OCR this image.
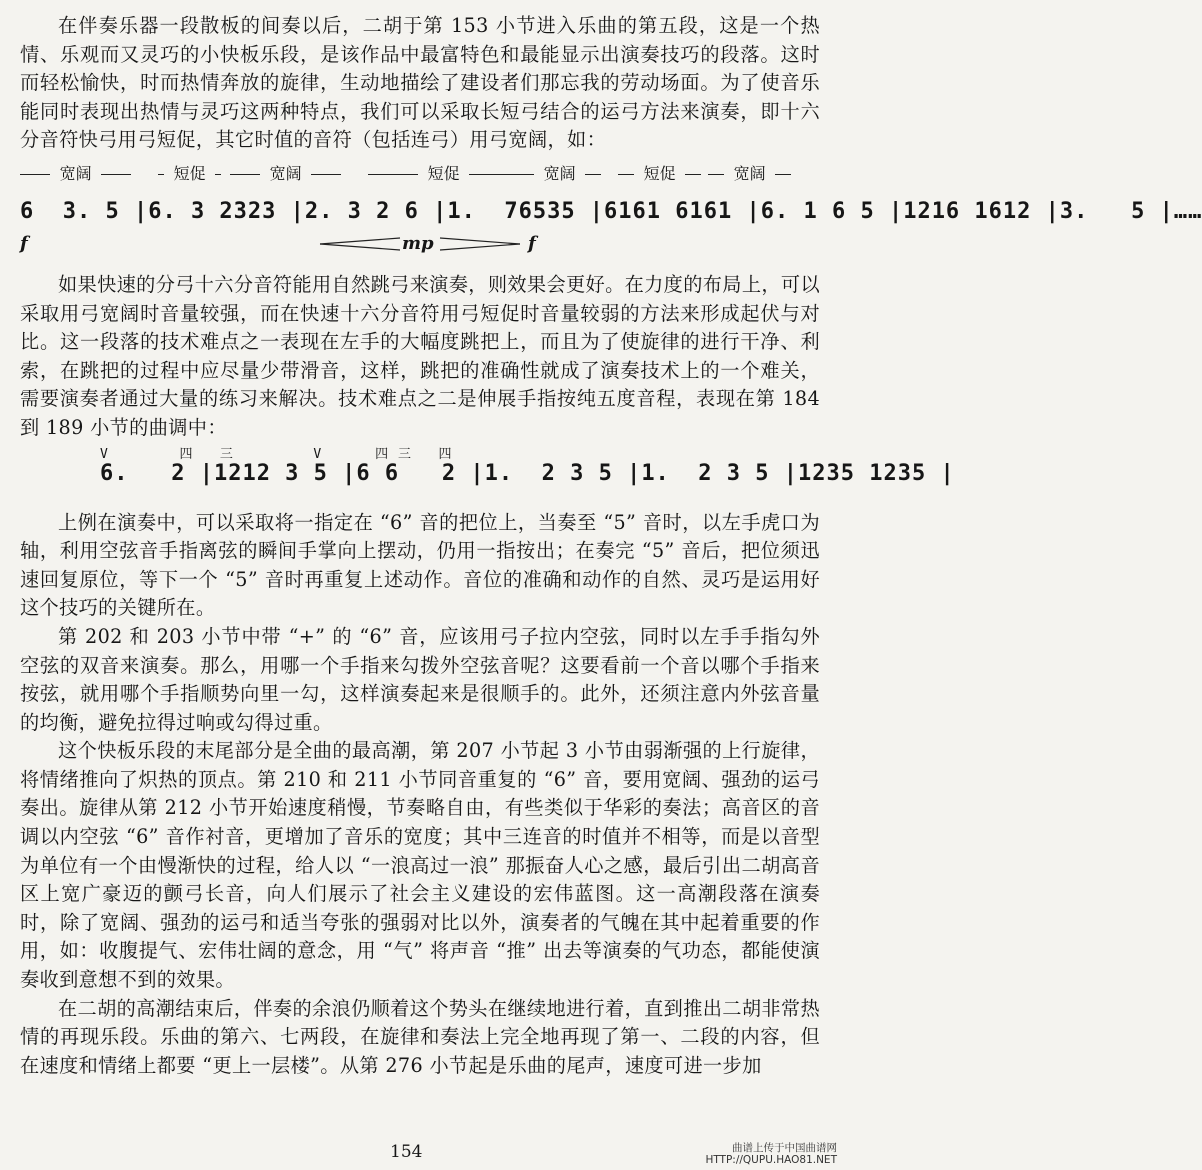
在伴奏乐器一段散板的间奏以后，二胡于第 153 小节进入乐曲的第五段，这是一个热情、乐观而又灵巧的小快板乐段，是该作品中最富特色和最能显示出演奏技巧的段落。这时而轻松愉快，时而热情奔放的旋律，生动地描绘了建设者们那忘我的劳动场面。为了使音乐能同时表现出热情与灵巧这两种特点，我们可以采取长短弓结合的运弓方法来演奏，即十六分音符快弓用弓短促，其它时值的音符（包括连弓）用弓宽阔，如：

宽阔	短促	宽阔	短促	宽阔	短促	宽阔
6  3. 5 |6. 3 2323 |2. 3 2 6 |1.  76535 |6161 6161 |6. 1 6 5 |1216 1612 |3.   5 |……
f	mp	f

如果快速的分弓十六分音符能用自然跳弓来演奏，则效果会更好。在力度的布局上，可以采取用弓宽阔时音量较强，而在快速十六分音符用弓短促时音量较弱的方法来形成起伏与对比。这一段落的技术难点之一表现在左手的大幅度跳把上，而且为了使旋律的进行干净、利索，在跳把的过程中应尽量少带滑音，这样，跳把的准确性就成了演奏技术上的一个难关，需要演奏者通过大量的练习来解决。技术难点之二是伸展手指按纯五度音程，表现在第 184 到 189 小节的曲调中：

V        四   三         V      四 三   四
6.   2 |1212 3 5 |6 6   2 |1.  2 3 5 |1.  2 3 5 |1235 1235 |

上例在演奏中，可以采取将一指定在 “6” 音的把位上，当奏至 “5” 音时，以左手虎口为轴，利用空弦音手指离弦的瞬间手掌向上摆动，仍用一指按出；在奏完 “5” 音后，把位须迅速回复原位，等下一个 “5” 音时再重复上述动作。音位的准确和动作的自然、灵巧是运用好这个技巧的关键所在。

第 202 和 203 小节中带 “+” 的 “6” 音，应该用弓子拉内空弦，同时以左手手指勾外空弦的双音来演奏。那么，用哪一个手指来勾拨外空弦音呢？这要看前一个音以哪个手指来按弦，就用哪个手指顺势向里一勾，这样演奏起来是很顺手的。此外，还须注意内外弦音量的均衡，避免拉得过响或勾得过重。

这个快板乐段的末尾部分是全曲的最高潮，第 207 小节起 3 小节由弱渐强的上行旋律，将情绪推向了炽热的顶点。第 210 和 211 小节同音重复的 “6” 音，要用宽阔、强劲的运弓奏出。旋律从第 212 小节开始速度稍慢，节奏略自由，有些类似于华彩的奏法；高音区的音调以内空弦 “6” 音作衬音，更增加了音乐的宽度；其中三连音的时值并不相等，而是以音型为单位有一个由慢渐快的过程，给人以 “一浪高过一浪” 那振奋人心之感，最后引出二胡高音区上宽广豪迈的颤弓长音，向人们展示了社会主义建设的宏伟蓝图。这一高潮段落在演奏时，除了宽阔、强劲的运弓和适当夸张的强弱对比以外，演奏者的气魄在其中起着重要的作用，如：收腹提气、宏伟壮阔的意念，用 “气” 将声音 “推” 出去等演奏的气功态，都能使演奏收到意想不到的效果。

在二胡的高潮结束后，伴奏的余浪仍顺着这个势头在继续地进行着，直到推出二胡非常热情的再现乐段。乐曲的第六、七两段，在旋律和奏法上完全地再现了第一、二段的内容，但在速度和情绪上都要 “更上一层楼”。从第 276 小节起是乐曲的尾声，速度可进一步加

154	曲谱上传于中国曲谱网
HTTP://QUPU.HAO81.NET
